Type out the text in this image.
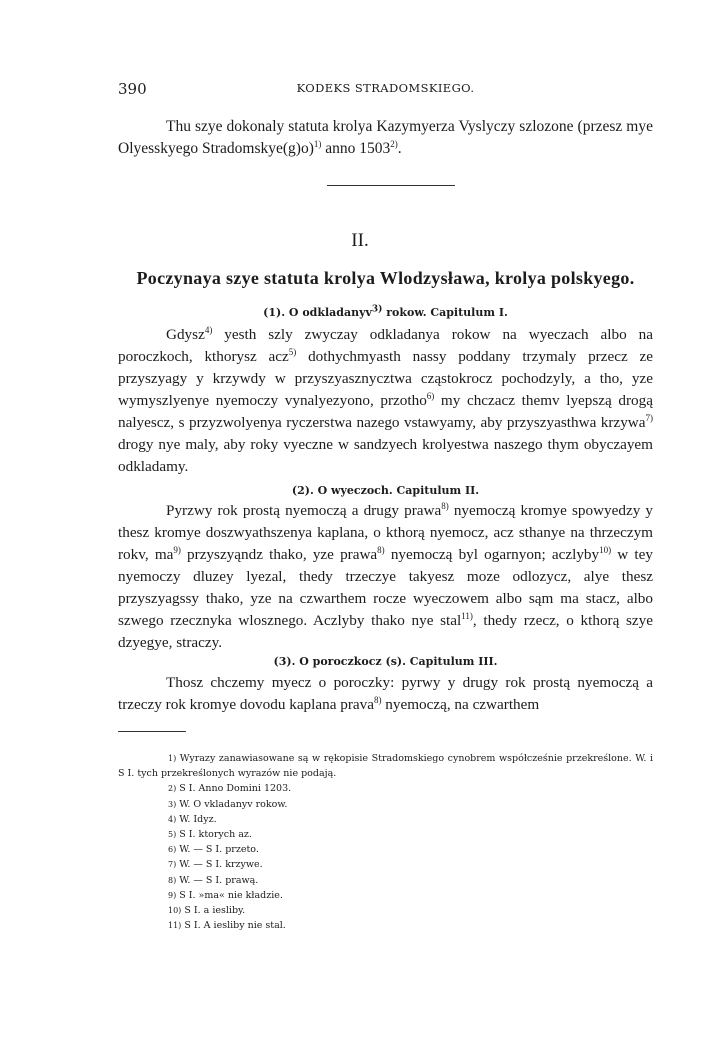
390	KODEKS STRADOMSKIEGO.

Thu szye dokonaly statuta krolya Kazymyerza Vyslyczy szlozone (przesz mye Olyesskyego Stradomskye(g)o)$^{1)}$ anno 1503$^{2)}$.

II.
Poczynaya szye statuta krolya Wlodzysława, krolya polskyego.
(1). O odkladanyv$^{3)}$ rokow. Capitulum I.

Gdysz$^{4)}$ yesth szly zwyczay odkladanya rokow na wyeczach albo na poroczkoch, kthorysz acz$^{5)}$ dothychmyasth nassy poddany trzymaly przecz ze przyszyagy y krzywdy w przyszyasznycztwa cząstokrocz pochodzyly, a tho, yze wymyszlyenye nyemoczy vynalyezyono, przotho$^{6)}$ my chczacz themv lyepszą drogą nalyescz, s przyzwolyenya ryczerstwa nazego vstawyamy, aby przyszyasthwa krzywa$^{7)}$ drogy nye maly, aby roky vyeczne w sandzyech krolyestwa naszego thym obyczayem odkladamy.

(2). O wyeczoch. Capitulum II.

Pyrzwy rok prostą nyemoczą a drugy prawa$^{8)}$ nyemoczą kromye spowyedzy y thesz kromye doszwyathszenya kaplana, o kthorą nyemocz, acz sthanye na thrzeczym rokv, $ma^{9)}$ przyszyąndz thako, yze prawa$^{8)}$ nyemoczą byl ogarnyon; aczlyby$^{10)}$ w tey nyemoczy dluzey lyezal, thedy trzeczye takyesz moze odlozycz, alye thesz przyszyagssy thako, yze na czwarthem rocze wyeczowem albo sąm ma stacz, albo szwego rzecznyka wlosznego. Aczlyby thako nye stal$^{11)}$, thedy rzecz, o kthorą szye dzyegye, straczy.

(3). O poroczkocz (s). Capitulum III.

Thosz chczemy myecz o poroczky: pyrwy y drugy rok prostą nyemoczą a trzeczy rok kromye dovodu kaplana prava$^{8)}$ nyemoczą, na czwarthem

1) Wyrazy zanawiasowane są w rękopisie Stradomskiego cynobrem współcześnie przekreślone. W. i S I. tych przekreślonych wyrazów nie podają.

2) S I. Anno Domini 1203.

3) W. O vkladanyv rokow.

4) W. Idyz.

5) S I. ktorych az.

6) W. — S I. przeto.

7) W. — S I. krzywe.

8) W. — S I. prawą.

9) S I. »ma« nie kładzie.

10) S I. a iesliby.

11) S I. A iesliby nie stal.
